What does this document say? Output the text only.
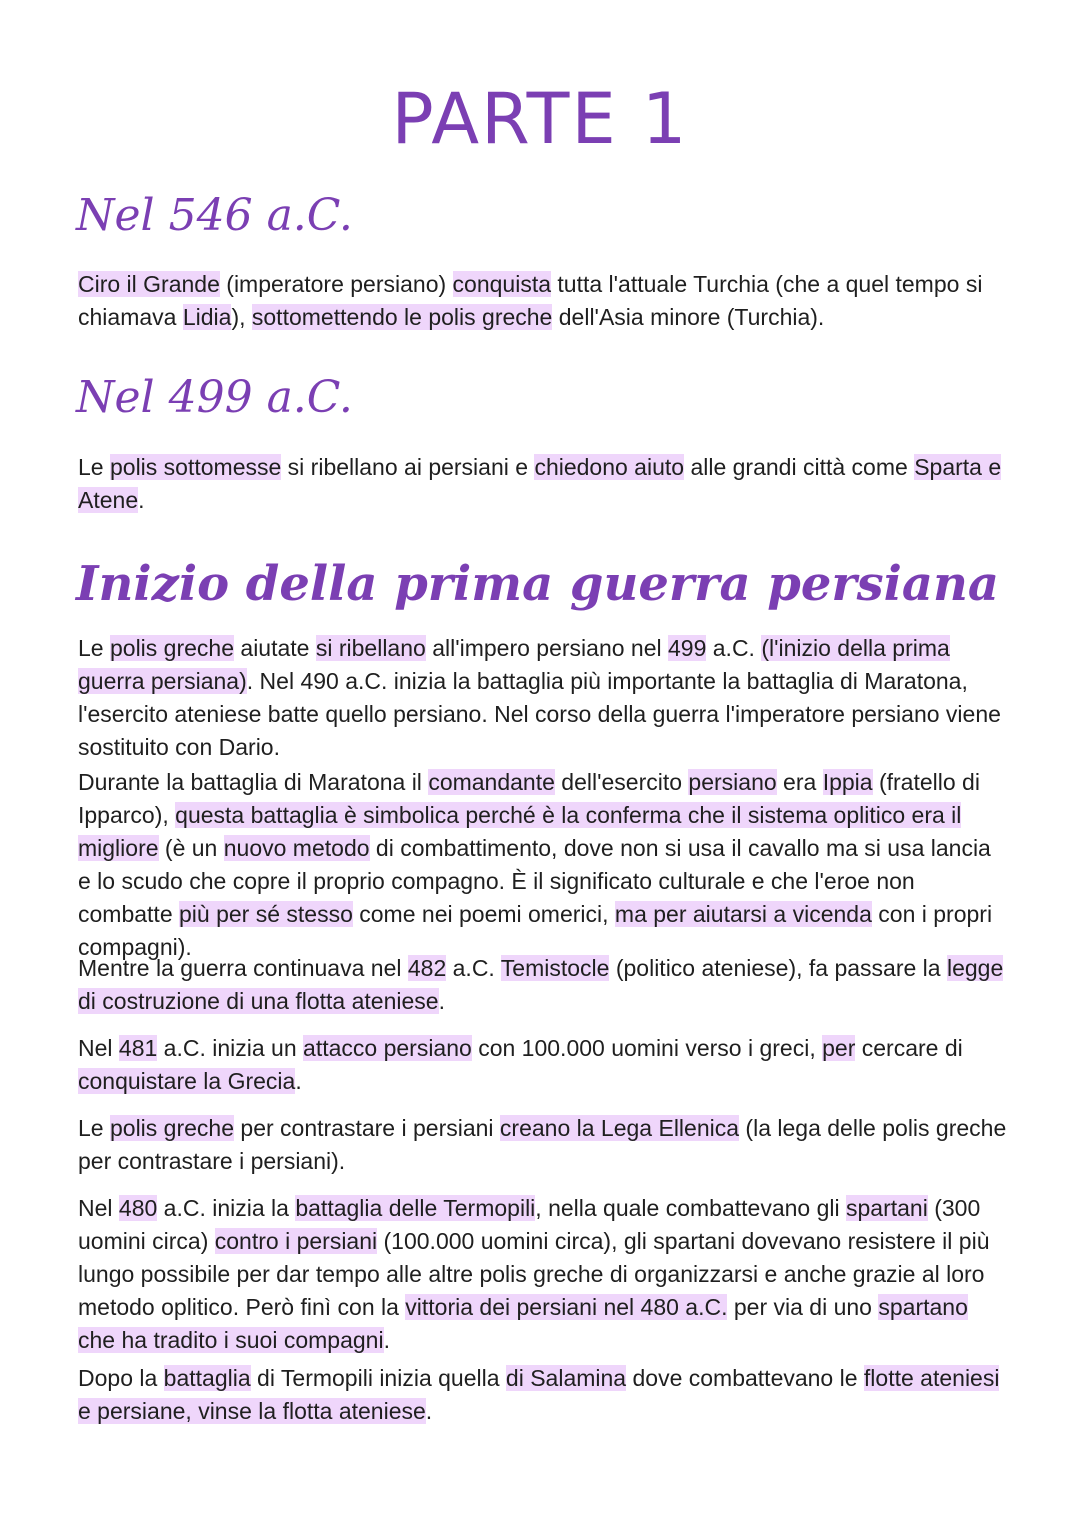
PARTE 1
Nel 546 a.C.

Ciro il Grande (imperatore persiano) conquista tutta l'attuale Turchia (che a quel tempo si chiamava Lidia), sottomettendo le polis greche dell'Asia minore (Turchia).

Nel 499 a.C.

Le polis sottomesse si ribellano ai persiani e chiedono aiuto alle grandi città come Sparta e Atene.

Inizio della prima guerra persiana

Le polis greche aiutate si ribellano all'impero persiano nel 499 a.C. (l'inizio della prima guerra persiana). Nel 490 a.C. inizia la battaglia più importante la battaglia di Maratona, l'esercito ateniese batte quello persiano. Nel corso della guerra l'imperatore persiano viene sostituito con Dario.

Durante la battaglia di Maratona il comandante dell'esercito persiano era Ippia (fratello di Ipparco), questa battaglia è simbolica perché è la conferma che il sistema oplitico era il migliore (è un nuovo metodo di combattimento, dove non si usa il cavallo ma si usa lancia e lo scudo che copre il proprio compagno. È il significato culturale e che l'eroe non combatte più per sé stesso come nei poemi omerici, ma per aiutarsi a vicenda con i propri compagni).

Mentre la guerra continuava nel 482 a.C. Temistocle (politico ateniese), fa passare la legge di costruzione di una flotta ateniese.

Nel 481 a.C. inizia un attacco persiano con 100.000 uomini verso i greci, per cercare di conquistare la Grecia.

Le polis greche per contrastare i persiani creano la Lega Ellenica (la lega delle polis greche per contrastare i persiani).

Nel 480 a.C. inizia la battaglia delle Termopili, nella quale combattevano gli spartani (300 uomini circa) contro i persiani (100.000 uomini circa), gli spartani dovevano resistere il più lungo possibile per dar tempo alle altre polis greche di organizzarsi e anche grazie al loro metodo oplitico. Però finì con la vittoria dei persiani nel 480 a.C. per via di uno spartano che ha tradito i suoi compagni.

Dopo la battaglia di Termopili inizia quella di Salamina dove combattevano le flotte ateniesi e persiane, vinse la flotta ateniese.
